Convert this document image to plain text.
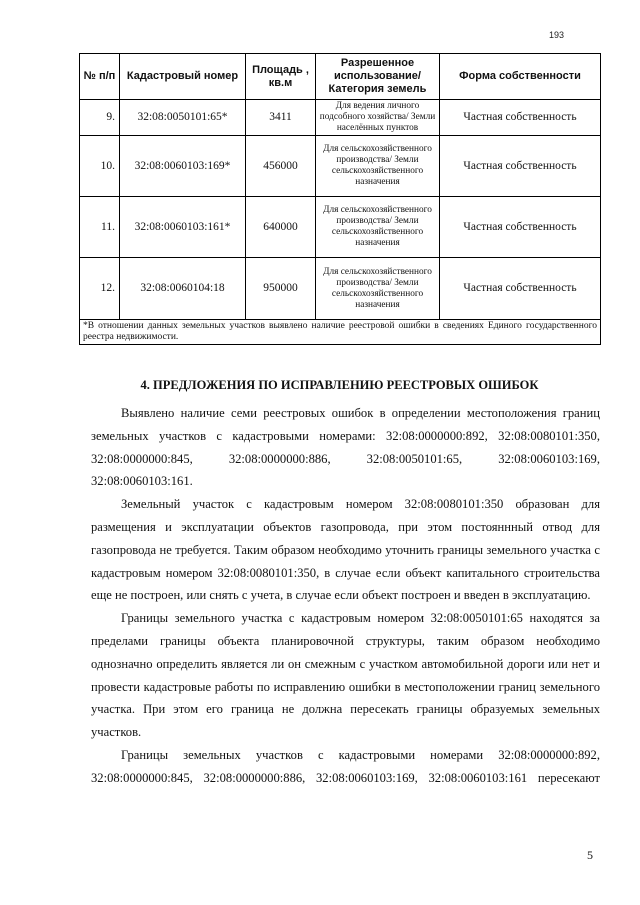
193
№ п/п	Кадастровый номер	Площадь , кв.м	Разрешенное использование/ Категория земель	Форма собственности
9.	32:08:0050101:65*	3411	Для ведения личного подсобного хозяйства/ Земли населённых пунктов	Частная собственность
10.	32:08:0060103:169*	456000	Для сельскохозяйственного производства/ Земли сельскохозяйственного назначения	Частная собственность
11.	32:08:0060103:161*	640000	Для сельскохозяйственного производства/ Земли сельскохозяйственного назначения	Частная собственность
12.	32:08:0060104:18	950000	Для сельскохозяйственного производства/ Земли сельскохозяйственного назначения	Частная собственность
*В отношении данных земельных участков выявлено наличие реестровой ошибки в сведениях Единого государственного реестра недвижимости.				
4. ПРЕДЛОЖЕНИЯ ПО ИСПРАВЛЕНИЮ РЕЕСТРОВЫХ ОШИБОК

Выявлено наличие семи реестровых ошибок в определении местоположения границ земельных участков с кадастровыми номерами: 32:08:0000000:892, 32:08:0080101:350, 32:08:0000000:845, 32:08:0000000:886, 32:08:0050101:65, 32:08:0060103:169, 32:08:0060103:161.

Земельный участок с кадастровым номером 32:08:0080101:350 образован для размещения и эксплуатации объектов газопровода, при этом постояннный отвод для газопровода не требуется. Таким образом необходимо уточнить границы земельного участка с кадастровым номером 32:08:0080101:350, в случае если объект капитального строительства еще не построен, или снять с учета, в случае если объект построен и введен в эксплуатацию.

Границы земельного участка с кадастровым номером 32:08:0050101:65 находятся за пределами границы объекта планировочной структуры, таким образом необходимо однозначно определить является ли он смежным с участком автомобильной дороги или нет и провести кадастровые работы по исправлению ошибки в местоположении границ земельного участка. При этом его граница не должна пересекать границы образуемых земельных участков.

Границы земельных участков с кадастровыми номерами 32:08:0000000:892, 32:08:0000000:845, 32:08:0000000:886, 32:08:0060103:169, 32:08:0060103:161 пересекают

5
